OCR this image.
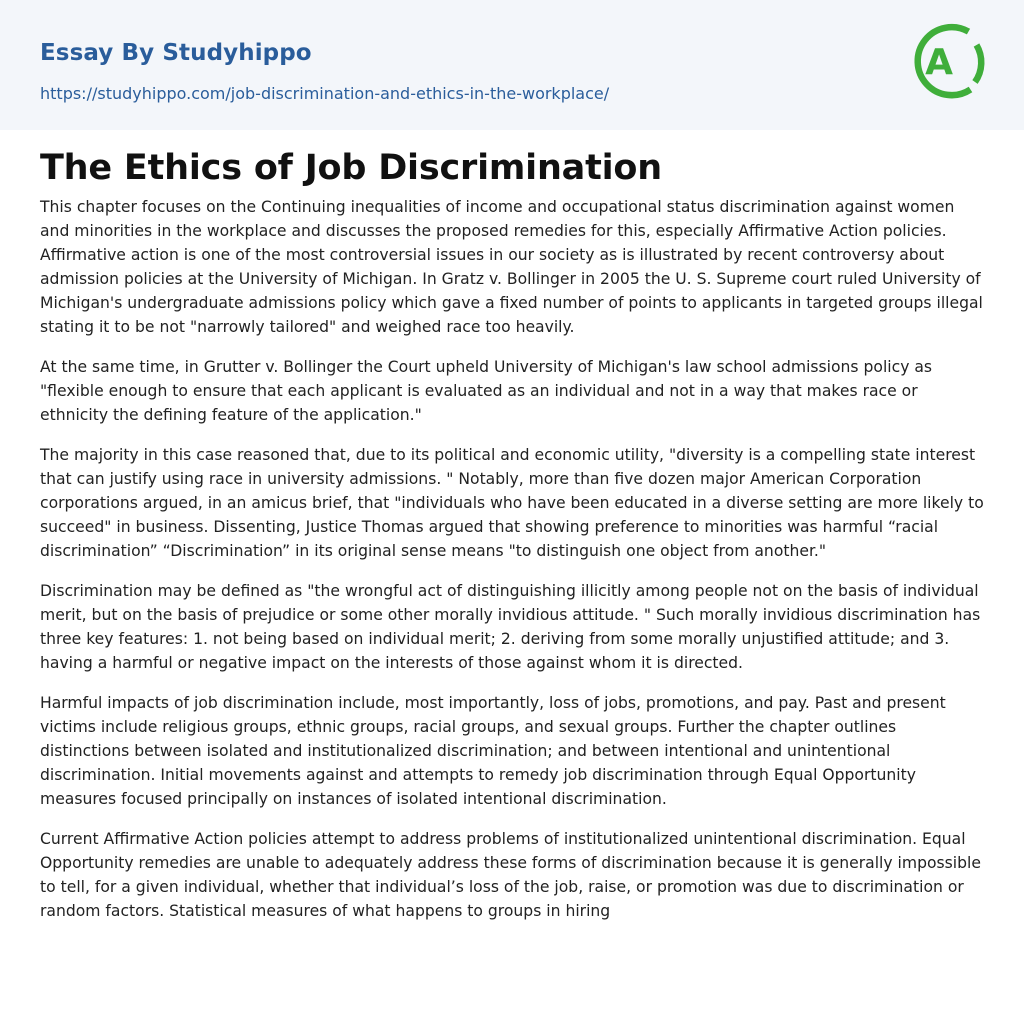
Essay By Studyhippo
https://studyhippo.com/job-discrimination-and-ethics-in-the-workplace/
A
The Ethics of Job Discrimination

This chapter focuses on the Continuing inequalities of income and occupational status discrimination against women and minorities in the workplace and discusses the proposed remedies for this, especially Affirmative Action policies. Affirmative action is one of the most controversial issues in our society as is illustrated by recent controversy about admission policies at the University of Michigan. In Gratz v. Bollinger in 2005 the U. S. Supreme court ruled University of Michigan's undergraduate admissions policy which gave a fixed number of points to applicants in targeted groups illegal stating it to be not "narrowly tailored" and weighed race too heavily.

At the same time, in Grutter v. Bollinger the Court upheld University of Michigan's law school admissions policy as "flexible enough to ensure that each applicant is evaluated as an individual and not in a way that makes race or ethnicity the defining feature of the application."

The majority in this case reasoned that, due to its political and economic utility, "diversity is a compelling state interest that can justify using race in university admissions. " Notably, more than five dozen major American Corporation corporations argued, in an amicus brief, that "individuals who have been educated in a diverse setting are more likely to succeed" in business. Dissenting, Justice Thomas argued that showing preference to minorities was harmful “racial discrimination” “Discrimination” in its original sense means "to distinguish one object from another."

Discrimination may be defined as "the wrongful act of distinguishing illicitly among people not on the basis of individual merit, but on the basis of prejudice or some other morally invidious attitude. " Such morally invidious discrimination has three key features: 1. not being based on individual merit; 2. deriving from some morally unjustified attitude; and 3. having a harmful or negative impact on the interests of those against whom it is directed.

Harmful impacts of job discrimination include, most importantly, loss of jobs, promotions, and pay. Past and present victims include religious groups, ethnic groups, racial groups, and sexual groups. Further the chapter outlines distinctions between isolated and institutionalized discrimination; and between intentional and unintentional discrimination. Initial movements against and attempts to remedy job discrimination through Equal Opportunity measures focused principally on instances of isolated intentional discrimination.

Current Affirmative Action policies attempt to address problems of institutionalized unintentional discrimination. Equal Opportunity remedies are unable to adequately address these forms of discrimination because it is generally impossible to tell, for a given individual, whether that individual’s loss of the job, raise, or promotion was due to discrimination or random factors. Statistical measures of what happens to groups in hiring
